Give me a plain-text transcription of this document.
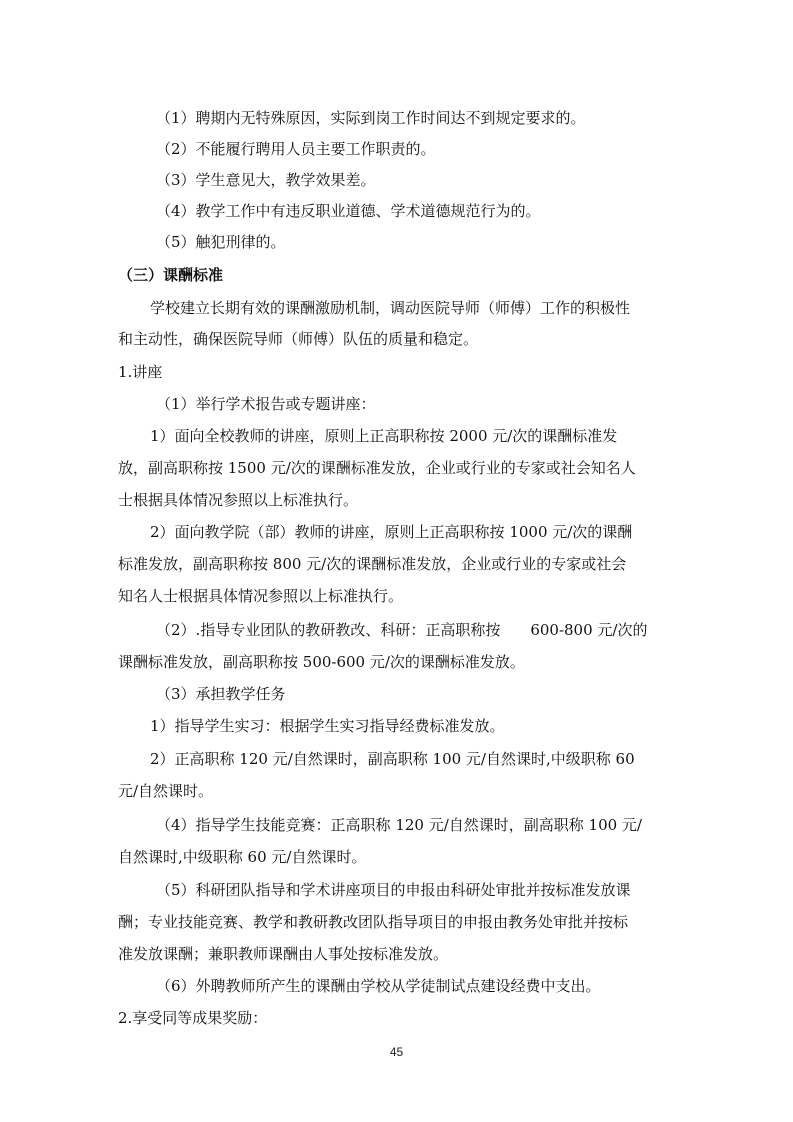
（1）聘期内无特殊原因，实际到岗工作时间达不到规定要求的。
（2）不能履行聘用人员主要工作职责的。
（3）学生意见大，教学效果差。
（4）教学工作中有违反职业道德、学术道德规范行为的。
（5）触犯刑律的。
（三）课酬标准
学校建立长期有效的课酬激励机制，调动医院导师（师傅）工作的积极性
和主动性，确保医院导师（师傅）队伍的质量和稳定。
1.讲座
（1）举行学术报告或专题讲座：
1）面向全校教师的讲座，原则上正高职称按 2000 元/次的课酬标准发
放，副高职称按 1500 元/次的课酬标准发放，企业或行业的专家或社会知名人
士根据具体情况参照以上标准执行。
2）面向教学院（部）教师的讲座，原则上正高职称按 1000 元/次的课酬
标准发放，副高职称按 800 元/次的课酬标准发放，企业或行业的专家或社会
知名人士根据具体情况参照以上标准执行。
（2）.指导专业团队的教研教改、科研：正高职称按　　600-800 元/次的
课酬标准发放，副高职称按 500-600 元/次的课酬标准发放。
（3）承担教学任务
1）指导学生实习：根据学生实习指导经费标准发放。
2）正高职称 120 元/自然课时，副高职称 100 元/自然课时,中级职称 60
元/自然课时。
（4）指导学生技能竞赛：正高职称 120 元/自然课时，副高职称 100 元/
自然课时,中级职称 60 元/自然课时。
（5）科研团队指导和学术讲座项目的申报由科研处审批并按标准发放课
酬；专业技能竞赛、教学和教研教改团队指导项目的申报由教务处审批并按标
准发放课酬；兼职教师课酬由人事处按标准发放。
（6）外聘教师所产生的课酬由学校从学徒制试点建设经费中支出。
2.享受同等成果奖励：
45
